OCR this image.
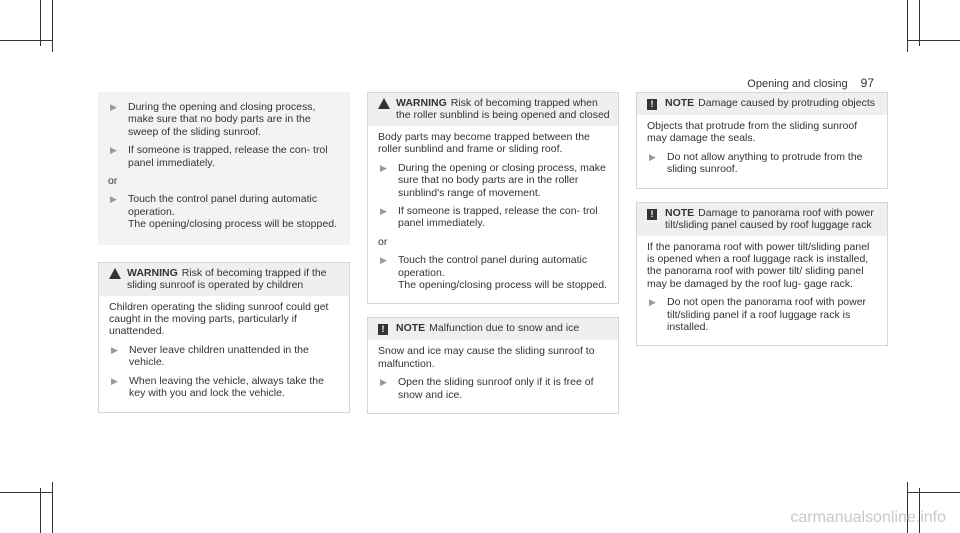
Opening and closing 97
▶	During the opening and closing process, make sure that no body parts are in the sweep of the sliding sunroof.
▶	If someone is trapped, release the con- trol panel immediately.
or
▶	Touch the control panel during automatic operation.
The opening/closing process will be stopped.
WARNING Risk of becoming trapped if the sliding sunroof is operated by children

Children operating the sliding sunroof could get caught in the moving parts, particularly if unattended.

▶	Never leave children unattended in the vehicle.
▶	When leaving the vehicle, always take the key with you and lock the vehicle.
WARNING Risk of becoming trapped when the roller sunblind is being opened and closed

Body parts may become trapped between the roller sunblind and frame or sliding roof.

▶	During the opening or closing process, make sure that no body parts are in the roller sunblind's range of movement.
▶	If someone is trapped, release the con- trol panel immediately.
or
▶	Touch the control panel during automatic operation.
The opening/closing process will be stopped.
!	NOTE Malfunction due to snow and ice

Snow and ice may cause the sliding sunroof to malfunction.

▶	Open the sliding sunroof only if it is free of snow and ice.
!	NOTE Damage caused by protruding objects

Objects that protrude from the sliding sunroof may damage the seals.

▶	Do not allow anything to protrude from the sliding sunroof.
!	NOTE Damage to panorama roof with power tilt/sliding panel caused by roof luggage rack

If the panorama roof with power tilt/sliding panel is opened when a roof luggage rack is installed, the panorama roof with power tilt/ sliding panel may be damaged by the roof lug- gage rack.

▶	Do not open the panorama roof with power tilt/sliding panel if a roof luggage rack is installed.
carmanualsonline.info
